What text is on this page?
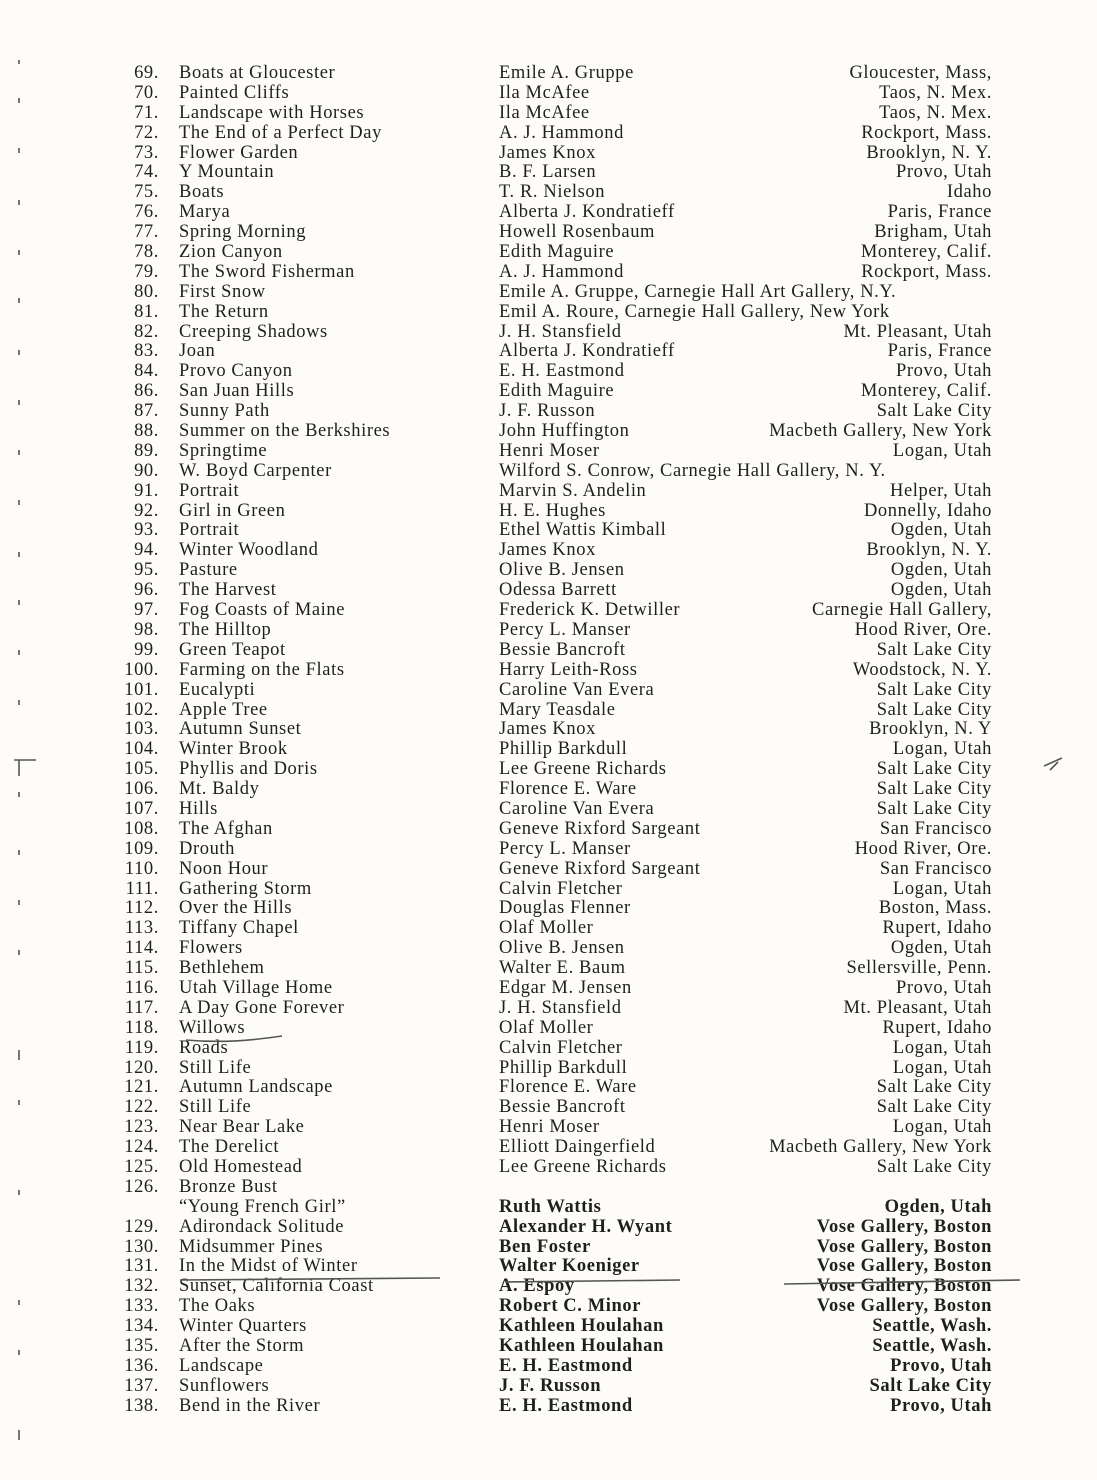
69. Boats at Gloucester	Emile A. Gruppe	Gloucester, Mass,
70. Painted Cliffs	Ila McAfee	Taos, N. Mex.
71. Landscape with Horses	Ila McAfee	Taos, N. Mex.
72. The End of a Perfect Day	A. J. Hammond	Rockport, Mass.
73. Flower Garden	James Knox	Brooklyn, N. Y.
74. Y Mountain	B. F. Larsen	Provo, Utah
75. Boats	T. R. Nielson	Idaho
76. Marya	Alberta J. Kondratieff	Paris, France
77. Spring Morning	Howell Rosenbaum	Brigham, Utah
78. Zion Canyon	Edith Maguire	Monterey, Calif.
79. The Sword Fisherman	A. J. Hammond	Rockport, Mass.
80. First Snow	Emile A. Gruppe, Carnegie Hall Art Gallery, N.Y.
81. The Return	Emil A. Roure, Carnegie Hall Gallery, New York
82. Creeping Shadows	J. H. Stansfield	Mt. Pleasant, Utah
83. Joan	Alberta J. Kondratieff	Paris, France
84. Provo Canyon	E. H. Eastmond	Provo, Utah
86. San Juan Hills	Edith Maguire	Monterey, Calif.
87. Sunny Path	J. F. Russon	Salt Lake City
88. Summer on the Berkshires	John Huffington	Macbeth Gallery, New York
89. Springtime	Henri Moser	Logan, Utah
90. W. Boyd Carpenter	Wilford S. Conrow, Carnegie Hall Gallery, N. Y.
91. Portrait	Marvin S. Andelin	Helper, Utah
92. Girl in Green	H. E. Hughes	Donnelly, Idaho
93. Portrait	Ethel Wattis Kimball	Ogden, Utah
94. Winter Woodland	James Knox	Brooklyn, N. Y.
95. Pasture	Olive B. Jensen	Ogden, Utah
96. The Harvest	Odessa Barrett	Ogden, Utah
97. Fog Coasts of Maine	Frederick K. Detwiller	Carnegie Hall Gallery,
98. The Hilltop	Percy L. Manser	Hood River, Ore.
99. Green Teapot	Bessie Bancroft	Salt Lake City
100. Farming on the Flats	Harry Leith-Ross	Woodstock, N. Y.
101. Eucalypti	Caroline Van Evera	Salt Lake City
102. Apple Tree	Mary Teasdale	Salt Lake City
103. Autumn Sunset	James Knox	Brooklyn, N. Y
104. Winter Brook	Phillip Barkdull	Logan, Utah
105. Phyllis and Doris	Lee Greene Richards	Salt Lake City
106. Mt. Baldy	Florence E. Ware	Salt Lake City
107. Hills	Caroline Van Evera	Salt Lake City
108. The Afghan	Geneve Rixford Sargeant	San Francisco
109. Drouth	Percy L. Manser	Hood River, Ore.
110. Noon Hour	Geneve Rixford Sargeant	San Francisco
111. Gathering Storm	Calvin Fletcher	Logan, Utah
112. Over the Hills	Douglas Flenner	Boston, Mass.
113. Tiffany Chapel	Olaf Moller	Rupert, Idaho
114. Flowers	Olive B. Jensen	Ogden, Utah
115. Bethlehem	Walter E. Baum	Sellersville, Penn.
116. Utah Village Home	Edgar M. Jensen	Provo, Utah
117. A Day Gone Forever	J. H. Stansfield	Mt. Pleasant, Utah
118. Willows	Olaf Moller	Rupert, Idaho
119. Roads	Calvin Fletcher	Logan, Utah
120. Still Life	Phillip Barkdull	Logan, Utah
121. Autumn Landscape	Florence E. Ware	Salt Lake City
122. Still Life	Bessie Bancroft	Salt Lake City
123. Near Bear Lake	Henri Moser	Logan, Utah
124. The Derelict	Elliott Daingerfield	Macbeth Gallery, New York
125. Old Homestead	Lee Greene Richards	Salt Lake City
126. Bronze Bust
“Young French Girl”	Ruth Wattis	Ogden, Utah
129. Adirondack Solitude	Alexander H. Wyant	Vose Gallery, Boston
130. Midsummer Pines	Ben Foster	Vose Gallery, Boston
131. In the Midst of Winter	Walter Koeniger	Vose Gallery, Boston
132. Sunset, California Coast	A. Espoy	Vose Gallery, Boston
133. The Oaks	Robert C. Minor	Vose Gallery, Boston
134. Winter Quarters	Kathleen Houlahan	Seattle, Wash.
135. After the Storm	Kathleen Houlahan	Seattle, Wash.
136. Landscape	E. H. Eastmond	Provo, Utah
137. Sunflowers	J. F. Russon	Salt Lake City
138. Bend in the River	E. H. Eastmond	Provo, Utah
